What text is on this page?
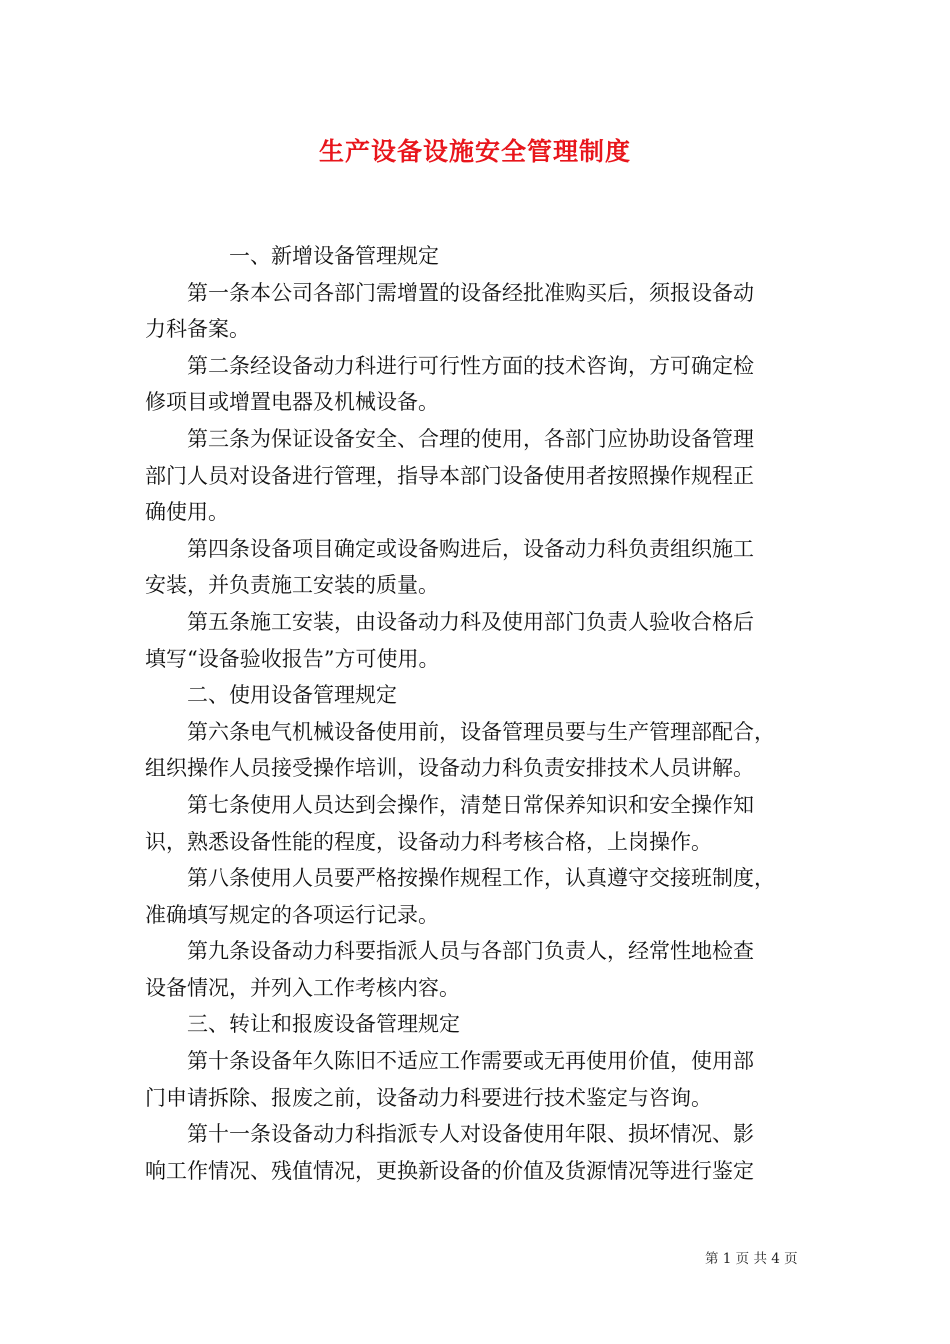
生产设备设施安全管理制度

一、新增设备管理规定

第一条本公司各部门需增置的设备经批准购买后，须报设备动
力科备案。

第二条经设备动力科进行可行性方面的技术咨询，方可确定检
修项目或增置电器及机械设备。

第三条为保证设备安全、合理的使用，各部门应协助设备管理
部门人员对设备进行管理，指导本部门设备使用者按照操作规程正
确使用。

第四条设备项目确定或设备购进后，设备动力科负责组织施工
安装，并负责施工安装的质量。

第五条施工安装，由设备动力科及使用部门负责人验收合格后
填写“设备验收报告”方可使用。

二、使用设备管理规定

第六条电气机械设备使用前，设备管理员要与生产管理部配合，
组织操作人员接受操作培训，设备动力科负责安排技术人员讲解。

第七条使用人员达到会操作，清楚日常保养知识和安全操作知
识，熟悉设备性能的程度，设备动力科考核合格，上岗操作。

第八条使用人员要严格按操作规程工作，认真遵守交接班制度，
准确填写规定的各项运行记录。

第九条设备动力科要指派人员与各部门负责人，经常性地检查
设备情况，并列入工作考核内容。

三、转让和报废设备管理规定

第十条设备年久陈旧不适应工作需要或无再使用价值，使用部
门申请拆除、报废之前，设备动力科要进行技术鉴定与咨询。

第十一条设备动力科指派专人对设备使用年限、损坏情况、影
响工作情况、残值情况，更换新设备的价值及货源情况等进行鉴定

第 1 页 共 4 页
